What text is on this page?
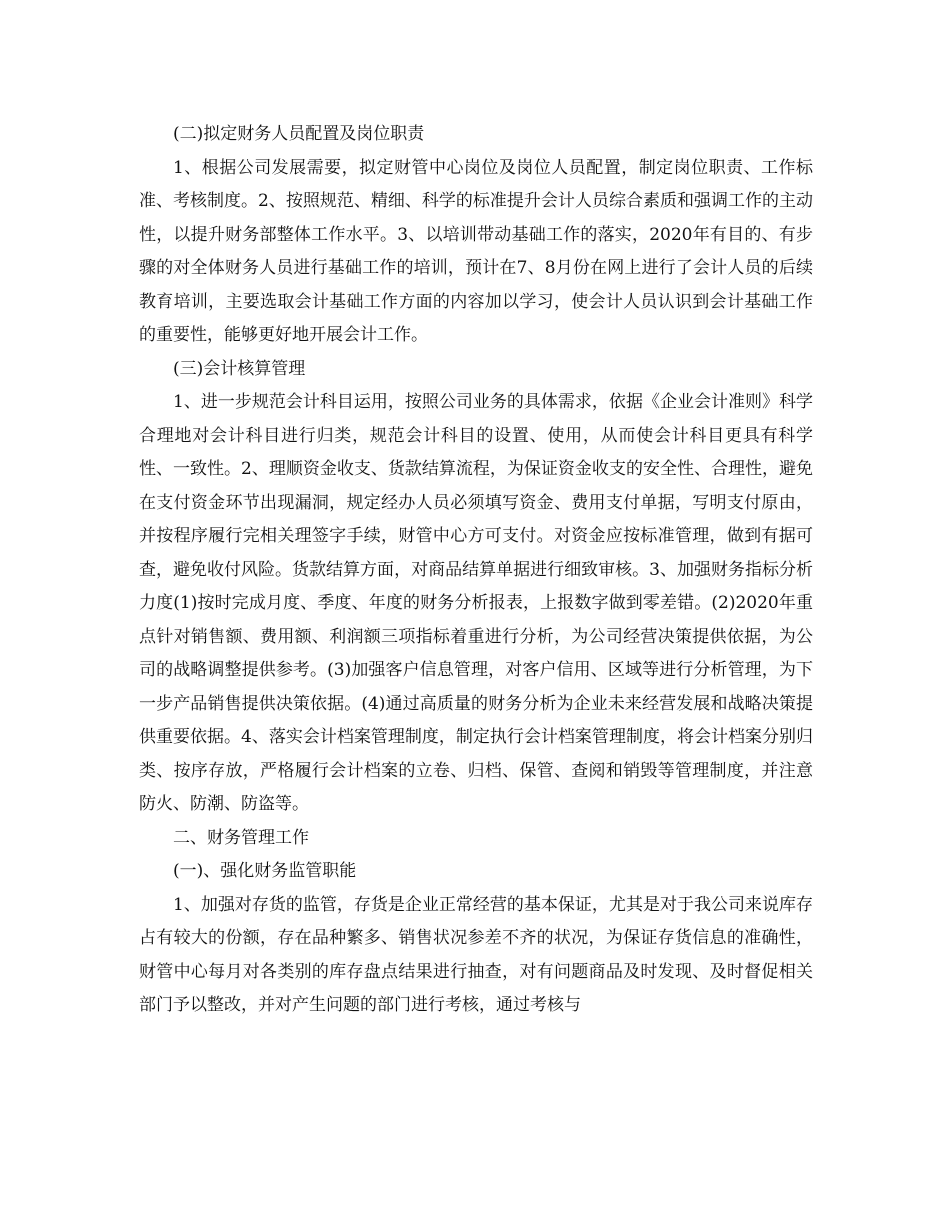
(二)拟定财务人员配置及岗位职责

1、根据公司发展需要，拟定财管中心岗位及岗位人员配置，制定岗位职责、工作标准、考核制度。2、按照规范、精细、科学的标准提升会计人员综合素质和强调工作的主动性，以提升财务部整体工作水平。3、以培训带动基础工作的落实，2020年有目的、有步骤的对全体财务人员进行基础工作的培训，预计在7、8月份在网上进行了会计人员的后续教育培训，主要选取会计基础工作方面的内容加以学习，使会计人员认识到会计基础工作的重要性，能够更好地开展会计工作。

(三)会计核算管理

1、进一步规范会计科目运用，按照公司业务的具体需求，依据《企业会计准则》科学合理地对会计科目进行归类，规范会计科目的设置、使用，从而使会计科目更具有科学性、一致性。2、理顺资金收支、货款结算流程，为保证资金收支的安全性、合理性，避免在支付资金环节出现漏洞，规定经办人员必须填写资金、费用支付单据，写明支付原由，并按程序履行完相关理签字手续，财管中心方可支付。对资金应按标准管理，做到有据可查，避免收付风险。货款结算方面，对商品结算单据进行细致审核。3、加强财务指标分析力度(1)按时完成月度、季度、年度的财务分析报表，上报数字做到零差错。(2)2020年重点针对销售额、费用额、利润额三项指标着重进行分析，为公司经营决策提供依据，为公司的战略调整提供参考。(3)加强客户信息管理，对客户信用、区域等进行分析管理，为下一步产品销售提供决策依据。(4)通过高质量的财务分析为企业未来经营发展和战略决策提供重要依据。4、落实会计档案管理制度，制定执行会计档案管理制度，将会计档案分别归类、按序存放，严格履行会计档案的立卷、归档、保管、查阅和销毁等管理制度，并注意防火、防潮、防盗等。

二、财务管理工作

(一)、强化财务监管职能

1、加强对存货的监管，存货是企业正常经营的基本保证，尤其是对于我公司来说库存占有较大的份额，存在品种繁多、销售状况参差不齐的状况，为保证存货信息的准确性，财管中心每月对各类别的库存盘点结果进行抽查，对有问题商品及时发现、及时督促相关部门予以整改，并对产生问题的部门进行考核，通过考核与
